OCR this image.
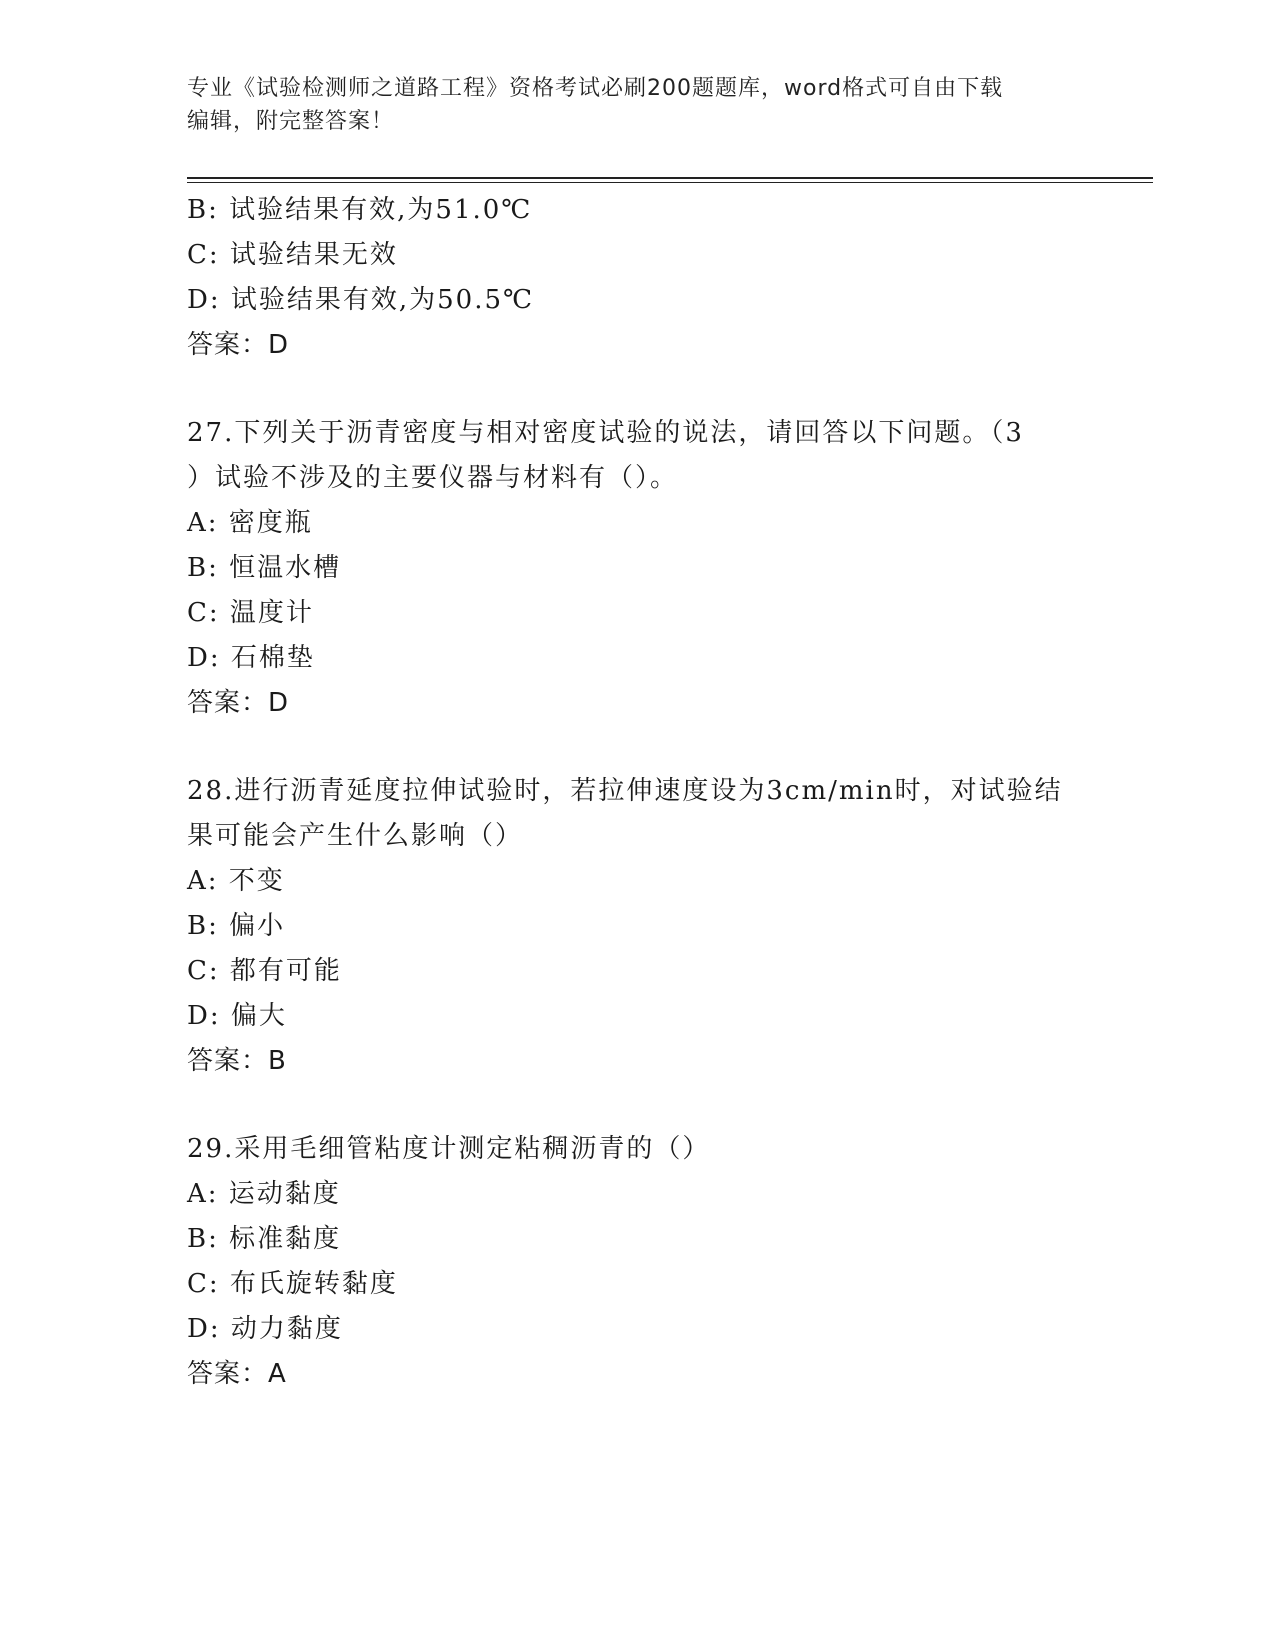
专业《试验检测师之道路工程》资格考试必刷200题题库，word格式可自由下载
编辑，附完整答案！
B: 试验结果有效,为51.0℃
C: 试验结果无效
D: 试验结果有效,为50.5℃
答案：D
27.下列关于沥青密度与相对密度试验的说法，请回答以下问题。（3
）试验不涉及的主要仪器与材料有（）。
A: 密度瓶
B: 恒温水槽
C: 温度计
D: 石棉垫
答案：D
28.进行沥青延度拉伸试验时，若拉伸速度设为3cm/min时，对试验结
果可能会产生什么影响（）
A: 不变
B: 偏小
C: 都有可能
D: 偏大
答案：B
29.采用毛细管粘度计测定粘稠沥青的（）
A: 运动黏度
B: 标准黏度
C: 布氏旋转黏度
D: 动力黏度
答案：A
